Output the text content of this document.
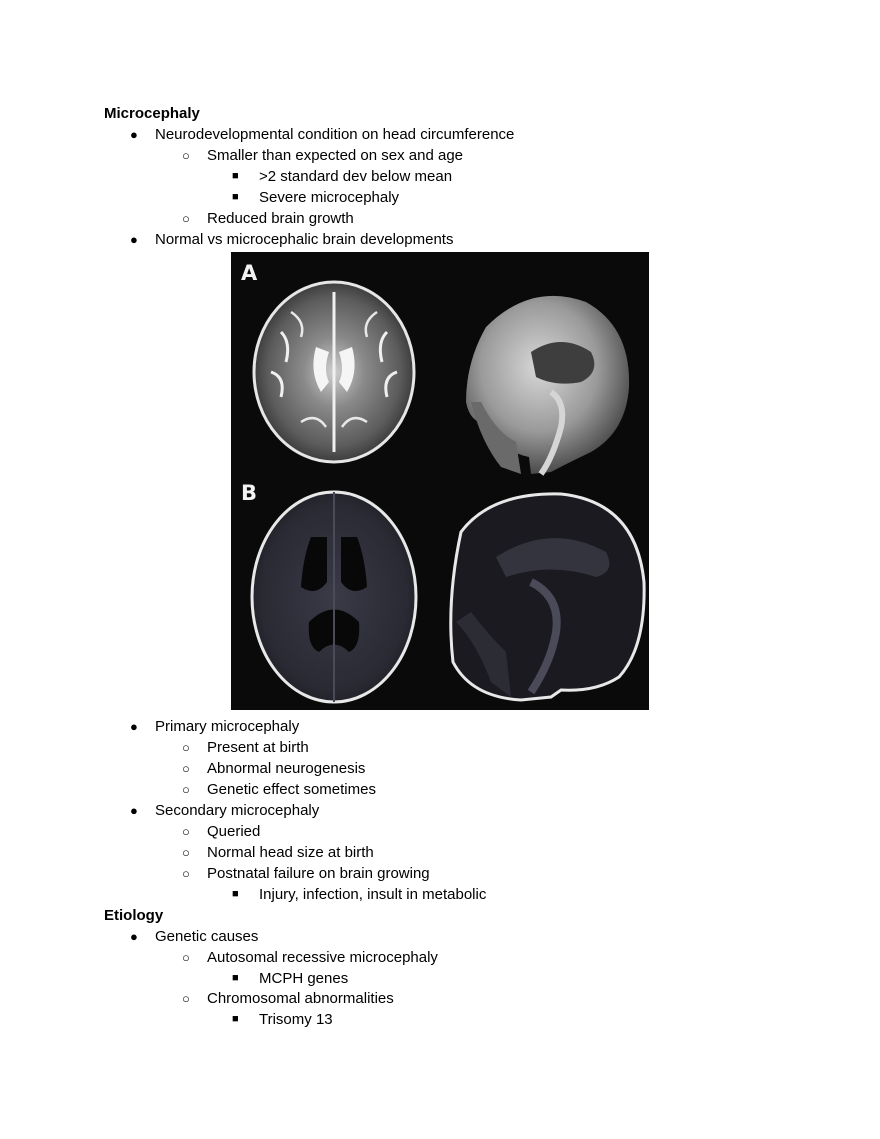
Microcephaly
● Neurodevelopmental condition on head circumference
○ Smaller than expected on sex and age
■ >2 standard dev below mean
■ Severe microcephaly
○ Reduced brain growth
● Normal vs microcephalic brain developments
A
B
● Primary microcephaly
○ Present at birth
○ Abnormal neurogenesis
○ Genetic effect sometimes
● Secondary microcephaly
○ Queried
○ Normal head size at birth
○ Postnatal failure on brain growing
■ Injury, infection, insult in metabolic
Etiology
● Genetic causes
○ Autosomal recessive microcephaly
■ MCPH genes
○ Chromosomal abnormalities
■ Trisomy 13
